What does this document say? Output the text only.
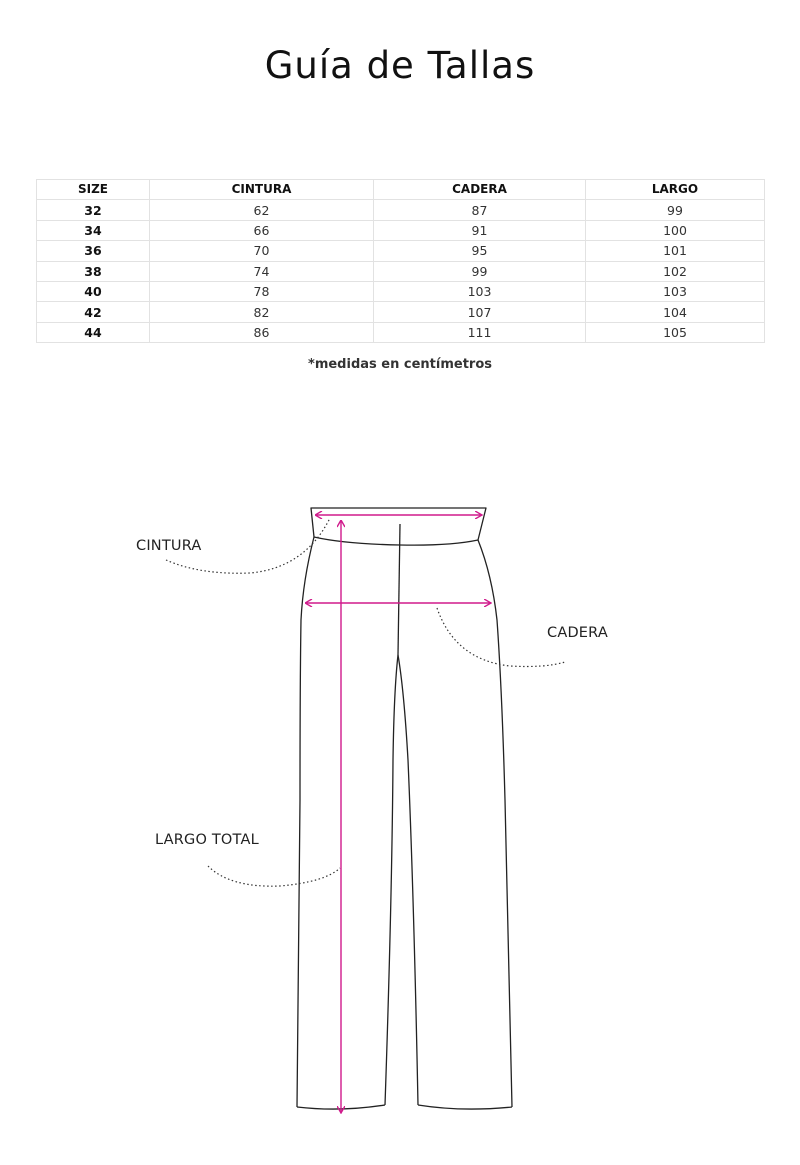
Guía de Tallas
SIZE	CINTURA	CADERA	LARGO
32	62	87	99
34	66	91	100
36	70	95	101
38	74	99	102
40	78	103	103
42	82	107	104
44	86	111	105
*medidas en centímetros
CINTURA
CADERA
LARGO TOTAL
